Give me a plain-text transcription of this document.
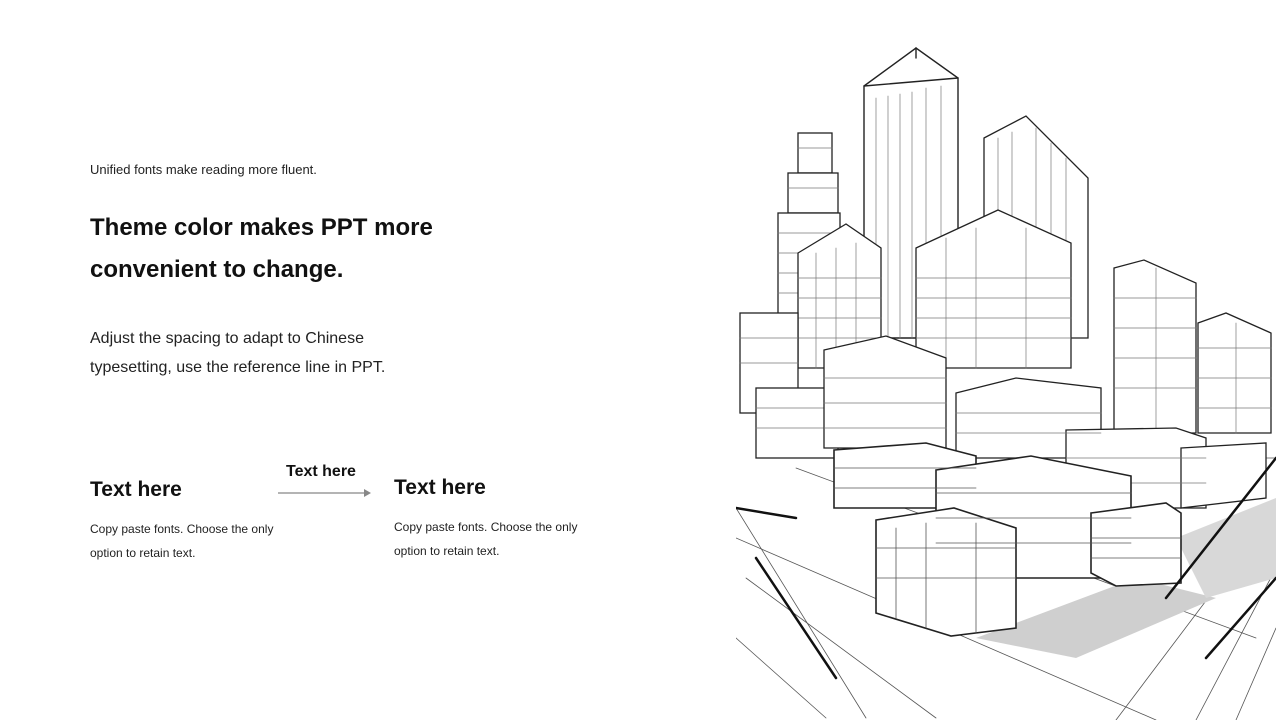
Unified fonts make reading more fluent.
Theme color makes PPT more convenient to change.
Adjust the spacing to adapt to Chinese typesetting, use the reference line in PPT.
Text here
Copy paste fonts. Choose the only option to retain text.
Text here
Text here
Copy paste fonts. Choose the only option to retain text.
